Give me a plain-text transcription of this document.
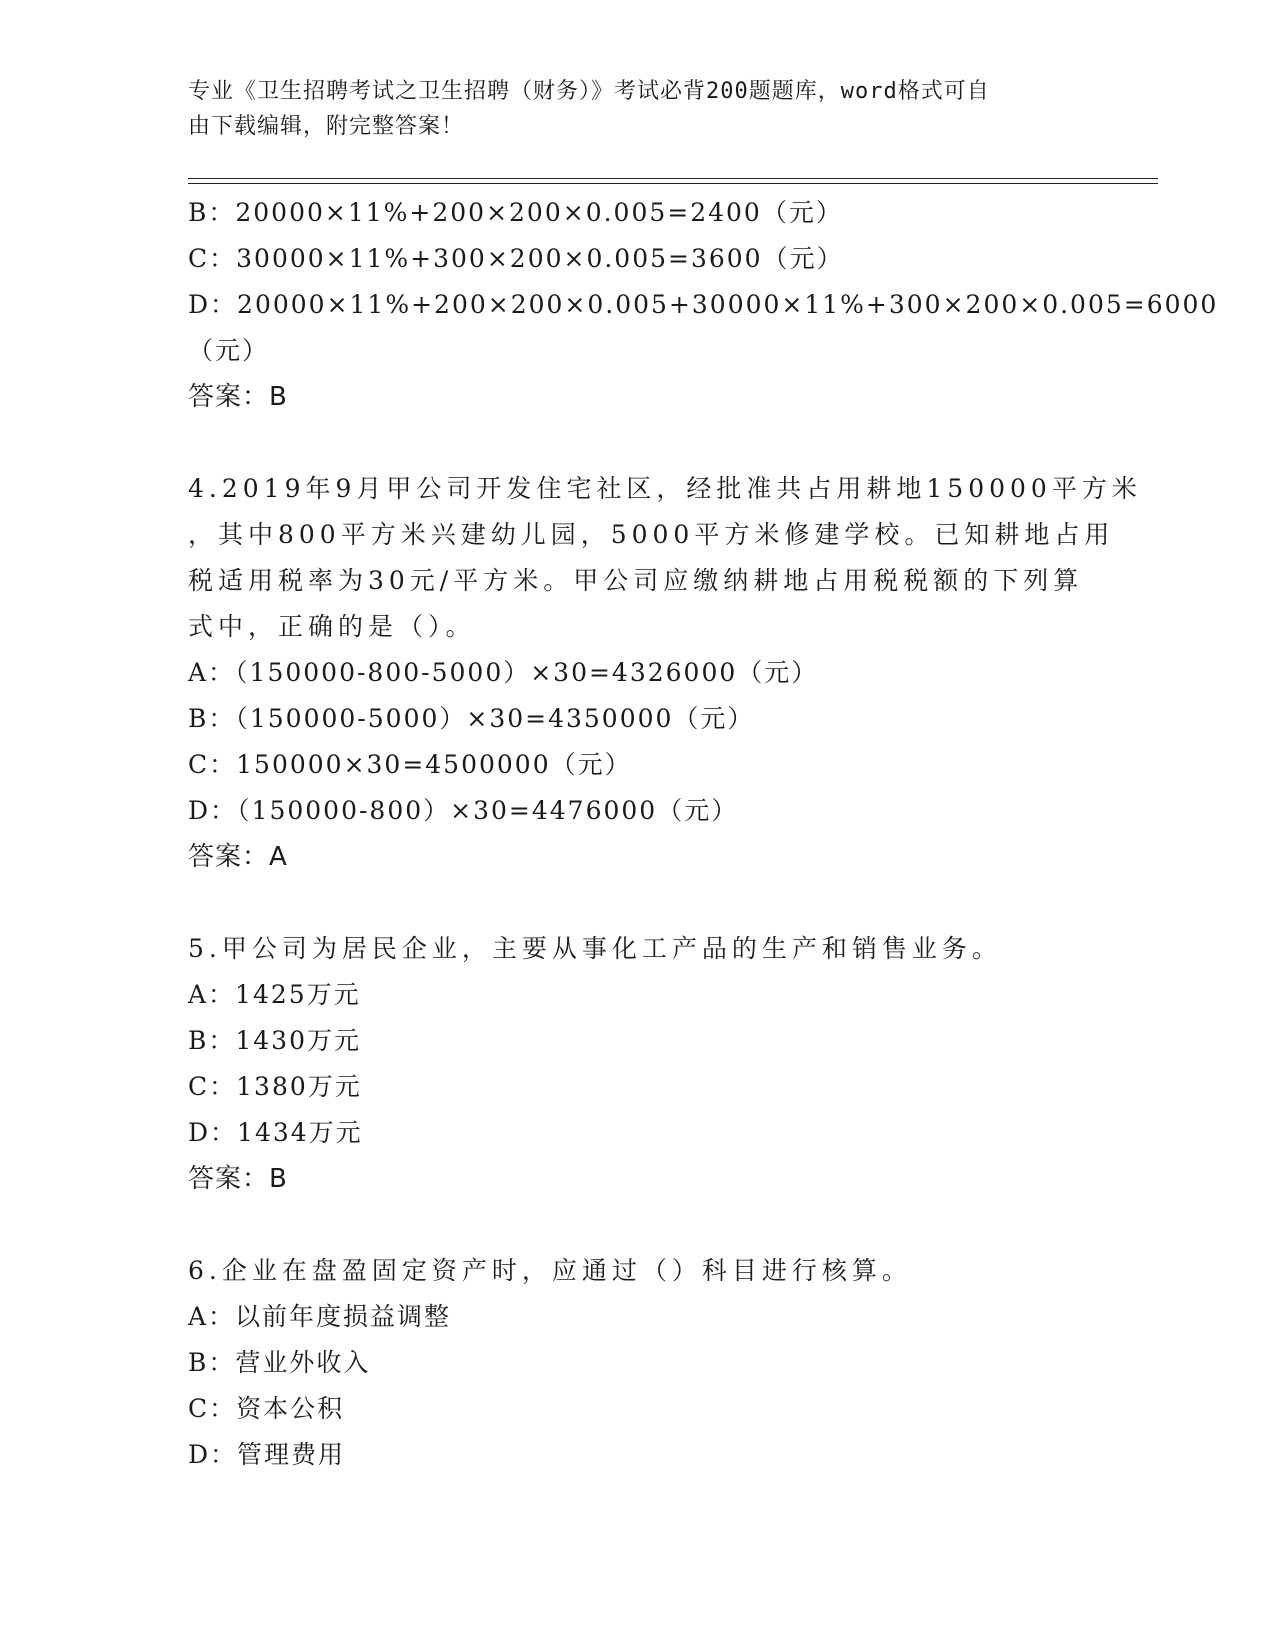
专业《卫生招聘考试之卫生招聘（财务）》考试必背200题题库，word格式可自
由下载编辑，附完整答案！
B：20000×11%+200×200×0.005=2400（元）
C：30000×11%+300×200×0.005=3600（元）
D：20000×11%+200×200×0.005+30000×11%+300×200×0.005=6000
（元）
答案：B
4.2019年9月甲公司开发住宅社区，经批准共占用耕地150000平方米
，其中800平方米兴建幼儿园，5000平方米修建学校。已知耕地占用
税适用税率为30元/平方米。甲公司应缴纳耕地占用税税额的下列算
式中，正确的是（）。
A：（150000-800-5000）×30=4326000（元）
B：（150000-5000）×30=4350000（元）
C：150000×30=4500000（元）
D：（150000-800）×30=4476000（元）
答案：A
5.甲公司为居民企业，主要从事化工产品的生产和销售业务。
A：1425万元
B：1430万元
C：1380万元
D：1434万元
答案：B
6.企业在盘盈固定资产时，应通过（）科目进行核算。
A：以前年度损益调整
B：营业外收入
C：资本公积
D：管理费用
